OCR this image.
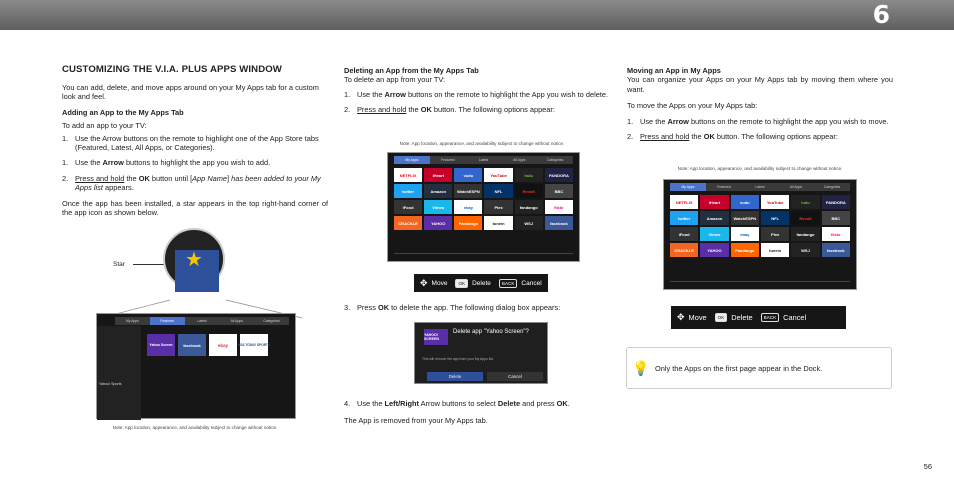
6
CUSTOMIZING THE V.I.A. PLUS APPS WINDOW

You can add, delete, and move apps around on your My Apps tab for a custom look and feel.

Adding an App to the My Apps Tab

To add an app to your TV:

1. Use the Arrow buttons on the remote to highlight one of the App Store tabs (Featured, Latest, All Apps, or Categories).
1. Use the Arrow buttons to highlight the app you wish to add.
2. Press and hold the OK button until [App Name] has been added to your My Apps list appears.

Once the app has been installed, a star appears in the top right-hand corner of the app icon as shown below.

Star	★
My Apps	Featured	Latest	All Apps	Categories
Yahoo! Sports
Yahoo Screen	facebook	ebay	USA TODAY SPORTS
Note: App location, appearance, and availability subject to change without notice.
Deleting an App from the My Apps Tab

To delete an app from your TV:

1. Use the Arrow buttons on the remote to highlight the App you wish to delete.
2. Press and hold the OK button. The following options appear:
Note: App location, appearance, and availability subject to change without notice.
My Apps	Featured	Latest	All Apps	Categories
NETFLIX	iHeart	vudu	YouTube	hulu	PANDORA
twitter	Amazon	WatchESPN	NFL	Revolt	BBC
iFood	Vimeo	ebay	Plex	fandango	flickr
CRACKLE	YAHOO	Fandango	tunein	WSJ	facebook
✥ Move	OK	Delete	BACK	Cancel
3. Press OK to delete the app. The following dialog box appears:
YAHOO! SCREEN
Delete app "Yahoo Screen"?
This will remove the app from your My Apps list.
Delete	Cancel
4. Use the Left/Right Arrow buttons to select Delete and press OK.
The App is removed from your My Apps tab.
Moving an App in My Apps

You can organize your Apps on your My Apps tab by moving them where you want.

To move the Apps on your My Apps tab:

1. Use the Arrow buttons on the remote to highlight the app you wish to move.
2. Press and hold the OK button. The following options appear:
Note: App location, appearance, and availability subject to change without notice.
My Apps	Featured	Latest	All Apps	Categories
NETFLIX	iHeart	vudu	YouTube	hulu	PANDORA
twitter	Amazon	WatchESPN	NFL	Revolt	BBC
iFood	Vimeo	ebay	Plex	fandango	flickr
CRACKLE	YAHOO	Fandango	tunein	WSJ	facebook
✥ Move	OK Delete	BACK Cancel
💡 Only the Apps on the first page appear in the Dock.
56
